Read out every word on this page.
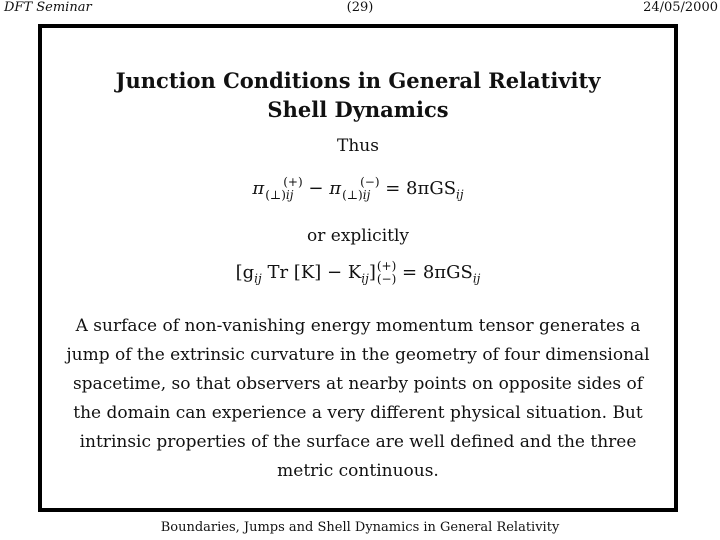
DFT Seminar	(29)	24/05/2000
Junction Conditions in General Relativity
Shell Dynamics
Thus
π (+)
(⊥)ij − π (−)
(⊥)ij = 8πGS$_{ij}$
or explicitly
[$g_{ij}$ Tr $[K] - K_{ij}$] (+)
(−) = 8πGS$_{ij}$
A surface of non-vanishing energy momentum tensor generates a jump of the extrinsic curvature in the geometry of four dimensional spacetime, so that observers at nearby points on opposite sides of the domain can experience a very different physical situation. But intrinsic properties of the surface are well defined and the three metric continuous.
Boundaries, Jumps and Shell Dynamics in General Relativity
